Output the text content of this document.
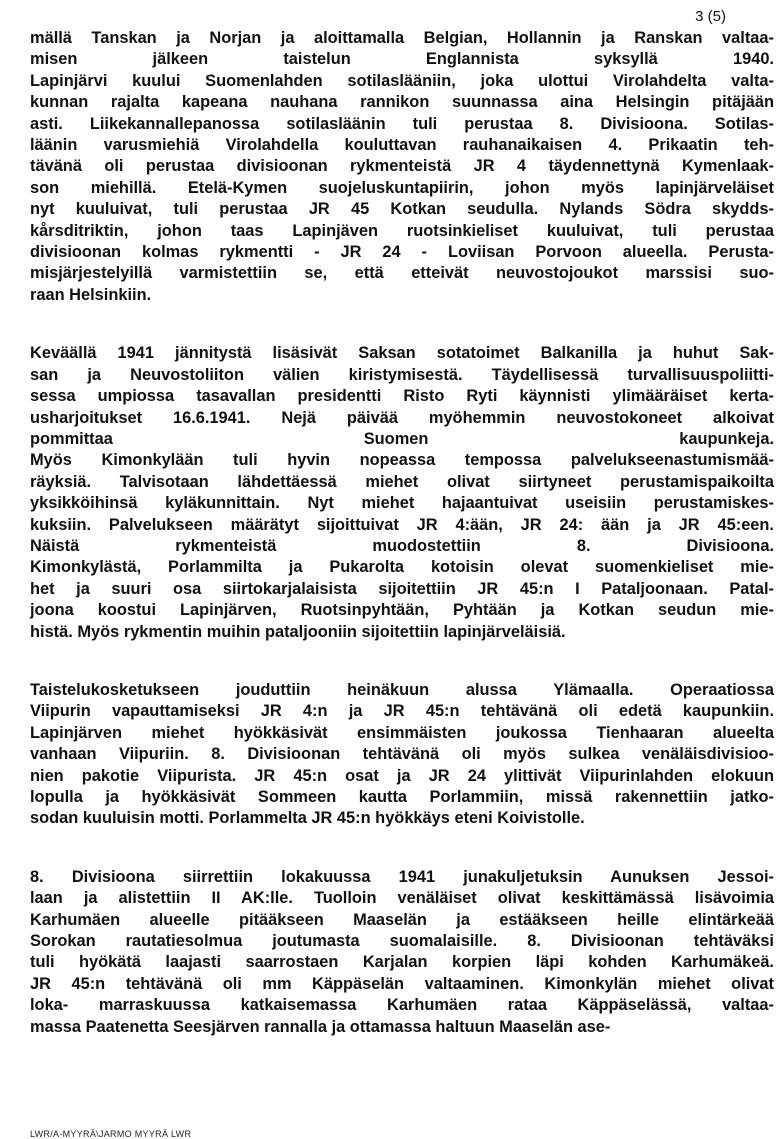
3 (5)
mällä Tanskan ja Norjan ja aloittamalla Belgian, Hollannin ja Ranskan valtaa-
misen jälkeen taistelun Englannista syksyllä 1940.
Lapinjärvi kuului Suomenlahden sotilaslääniin, joka ulottui Virolahdelta valta-
kunnan rajalta kapeana nauhana rannikon suunnassa aina Helsingin pitäjään
asti. Liikekannallepanossa sotilasläänin tuli perustaa 8. Divisioona. Sotilas-
läänin varusmiehiä Virolahdella kouluttavan rauhanaikaisen 4. Prikaatin teh-
tävänä oli perustaa divisioonan rykmenteistä JR 4 täydennettynä Kymenlaak-
son miehillä. Etelä-Kymen suojeluskuntapiirin, johon myös lapinjärveläiset
nyt kuuluivat, tuli perustaa JR 45 Kotkan seudulla. Nylands Södra skydds-
kårsditriktin, johon taas Lapinjäven ruotsinkieliset kuuluivat, tuli perustaa
divisioonan kolmas rykmentti - JR 24 - Loviisan Porvoon alueella. Perusta-
misjärjestelyillä varmistettiin se, että etteivät neuvostojoukot marssisi suo-
raan Helsinkiin.
Keväällä 1941 jännitystä lisäsivät Saksan sotatoimet Balkanilla ja huhut Sak-
san ja Neuvostoliiton välien kiristymisestä. Täydellisessä turvallisuuspoliitti-
sessa umpiossa tasavallan presidentti Risto Ryti käynnisti ylimääräiset kerta-
usharjoitukset 16.6.1941. Nejä päivää myöhemmin neuvostokoneet alkoivat
pommittaa Suomen kaupunkeja.
Myös Kimonkylään tuli hyvin nopeassa tempossa palvelukseenastumismää-
räyksiä. Talvisotaan lähdettäessä miehet olivat siirtyneet perustamispaikoilta
yksikköihinsä kyläkunnittain. Nyt miehet hajaantuivat useisiin perustamiskes-
kuksiin. Palvelukseen määrätyt sijoittuivat JR 4:ään, JR 24: ään ja JR 45:een.
Näistä rykmenteistä muodostettiin 8. Divisioona.
Kimonkylästä, Porlammilta ja Pukarolta kotoisin olevat suomenkieliset mie-
het ja suuri osa siirtokarjalaisista sijoitettiin JR 45:n I Pataljoonaan. Patal-
joona koostui Lapinjärven, Ruotsinpyhtään, Pyhtään ja Kotkan seudun mie-
histä. Myös rykmentin muihin pataljooniin sijoitettiin lapinjärveläisiä.
Taistelukosketukseen jouduttiin heinäkuun alussa Ylämaalla. Operaatiossa
Viipurin vapauttamiseksi JR 4:n ja JR 45:n tehtävänä oli edetä kaupunkiin.
Lapinjärven miehet hyökkäsivät ensimmäisten joukossa Tienhaaran alueelta
vanhaan Viipuriin. 8. Divisioonan tehtävänä oli myös sulkea venäläisdivisioo-
nien pakotie Viipurista. JR 45:n osat ja JR 24 ylittivät Viipurinlahden elokuun
lopulla ja hyökkäsivät Sommeen kautta Porlammiin, missä rakennettiin jatko-
sodan kuuluisin motti. Porlammelta JR 45:n hyökkäys eteni Koivistolle.
8. Divisioona siirrettiin lokakuussa 1941 junakuljetuksin Aunuksen Jessoi-
laan ja alistettiin II AK:lle. Tuolloin venäläiset olivat keskittämässä lisävoimia
Karhumäen alueelle pitääkseen Maaselän ja estääkseen heille elintärkeää
Sorokan rautatiesolmua joutumasta suomalaisille. 8. Divisioonan tehtäväksi
tuli hyökätä laajasti saarrostaen Karjalan korpien läpi kohden Karhumäkeä.
JR 45:n tehtävänä oli mm Käppäselän valtaaminen. Kimonkylän miehet olivat
loka- marraskuussa katkaisemassa Karhumäen rataa Käppäselässä, valtaa-
massa Paatenetta Seesjärven rannalla ja ottamassa haltuun Maaselän ase-
LWR/A-MYYRÄ\JARMO MYYRÄ LWR
